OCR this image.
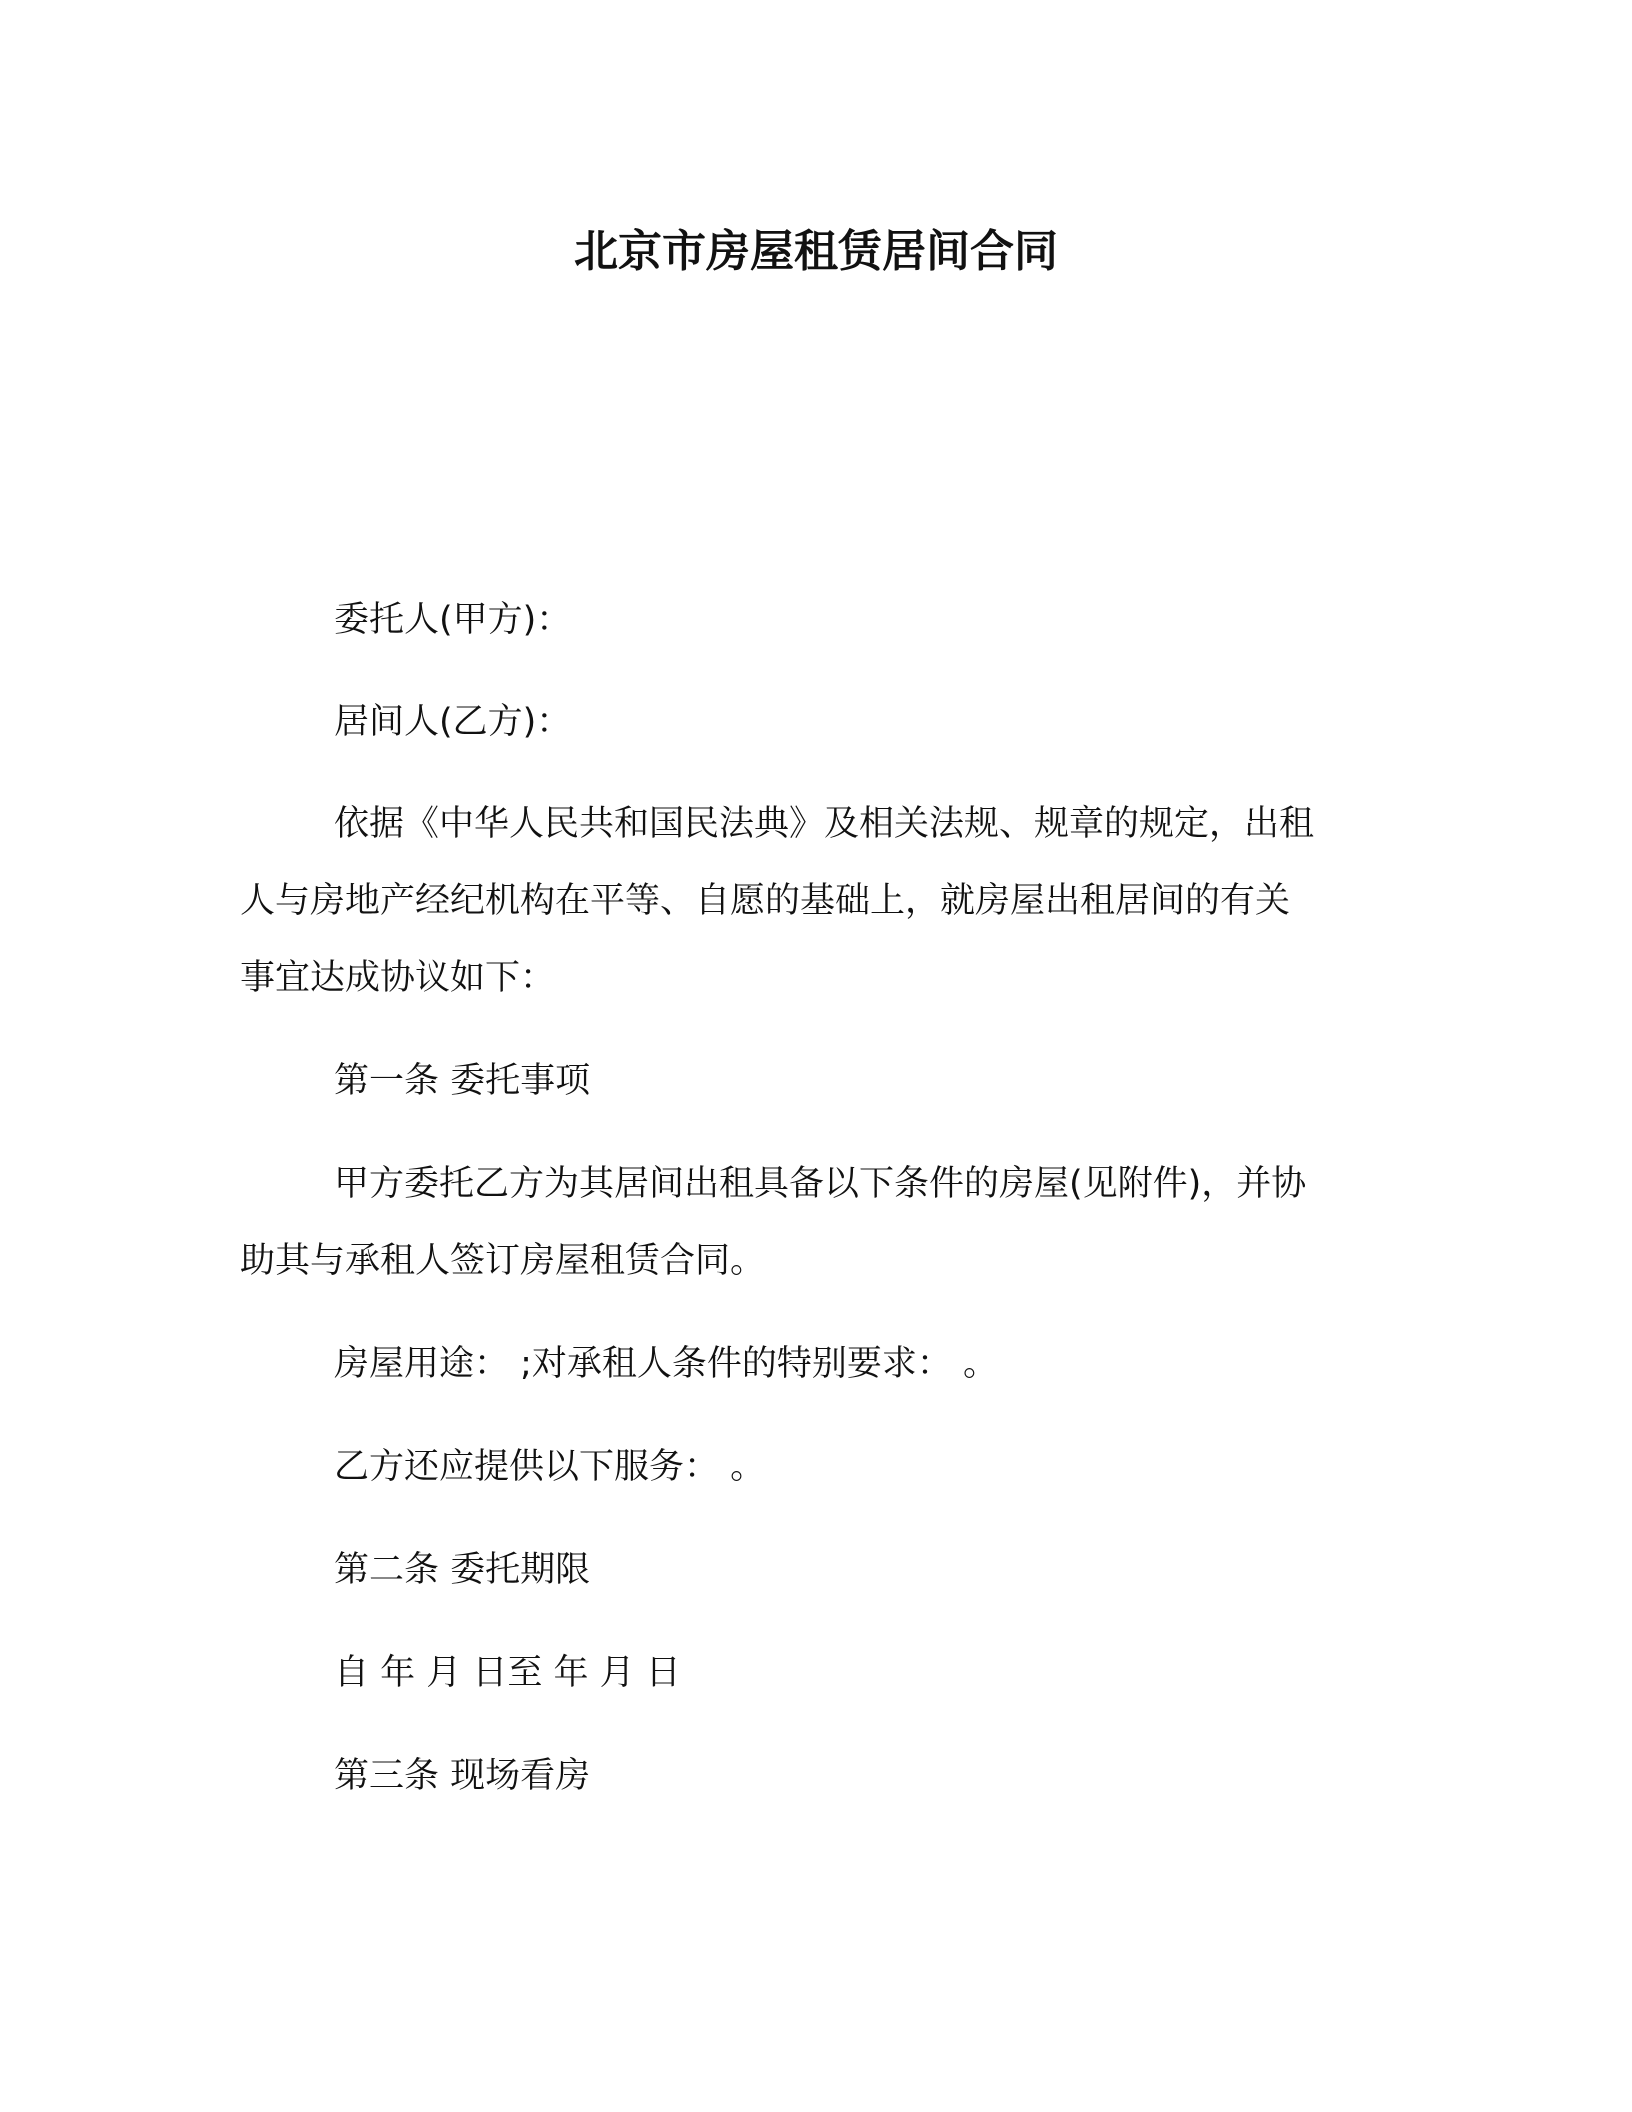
北京市房屋租赁居间合同
委托人(甲方)：
居间人(乙方)：
依据《中华人民共和国民法典》及相关法规、规章的规定，出租
人与房地产经纪机构在平等、自愿的基础上，就房屋出租居间的有关
事宜达成协议如下：
第一条 委托事项
甲方委托乙方为其居间出租具备以下条件的房屋(见附件)，并协
助其与承租人签订房屋租赁合同。
房屋用途： ;对承租人条件的特别要求： 。
乙方还应提供以下服务： 。
第二条 委托期限
自 年 月 日至 年 月 日
第三条 现场看房
